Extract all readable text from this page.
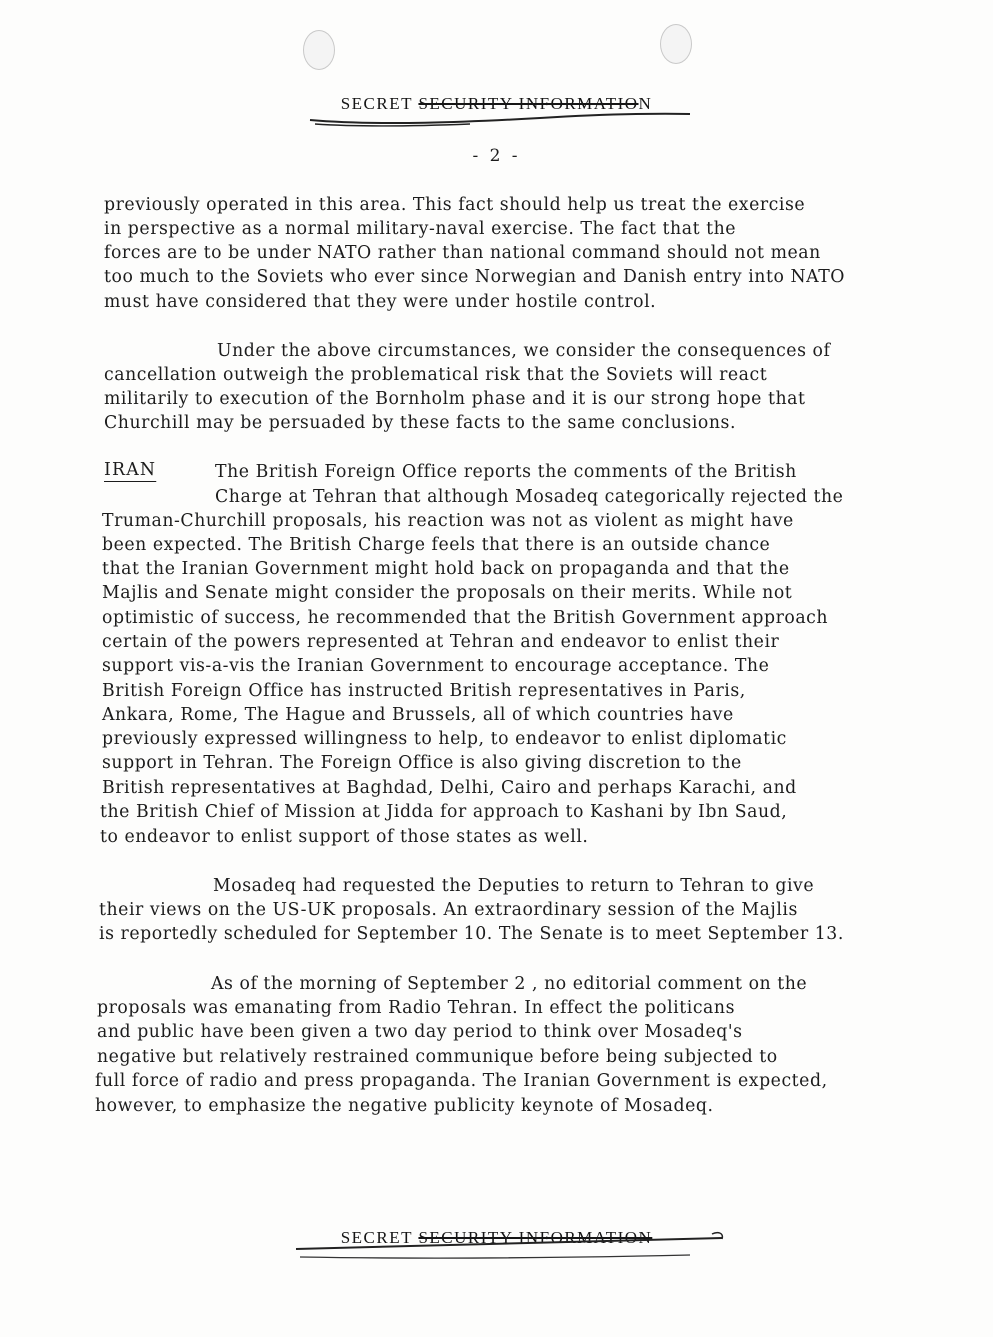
SECRET SECURITY INFORMATION
- 2 -
previously operated in this area. This fact should help us treat the exercise
in perspective as a normal military-naval exercise. The fact that the
forces are to be under NATO rather than national command should not mean
too much to the Soviets who ever since Norwegian and Danish entry into NATO
must have considered that they were under hostile control.
Under the above circumstances, we consider the consequences of
cancellation outweigh the problematical risk that the Soviets will react
militarily to execution of the Bornholm phase and it is our strong hope that
Churchill may be persuaded by these facts to the same conclusions.
IRAN	The British Foreign Office reports the comments of the British
Charge at Tehran that although Mosadeq categorically rejected the
Truman-Churchill proposals, his reaction was not as violent as might have
been expected. The British Charge feels that there is an outside chance
that the Iranian Government might hold back on propaganda and that the
Majlis and Senate might consider the proposals on their merits. While not
optimistic of success, he recommended that the British Government approach
certain of the powers represented at Tehran and endeavor to enlist their
support vis-a-vis the Iranian Government to encourage acceptance. The
British Foreign Office has instructed British representatives in Paris,
Ankara, Rome, The Hague and Brussels, all of which countries have
previously expressed willingness to help, to endeavor to enlist diplomatic
support in Tehran. The Foreign Office is also giving discretion to the
British representatives at Baghdad, Delhi, Cairo and perhaps Karachi, and
the British Chief of Mission at Jidda for approach to Kashani by Ibn Saud,
to endeavor to enlist support of those states as well.
Mosadeq had requested the Deputies to return to Tehran to give
their views on the US-UK proposals. An extraordinary session of the Majlis
is reportedly scheduled for September 10. The Senate is to meet September 13.
As of the morning of September 2 , no editorial comment on the
proposals was emanating from Radio Tehran. In effect the politicans
and public have been given a two day period to think over Mosadeq's
negative but relatively restrained communique before being subjected to
full force of radio and press propaganda. The Iranian Government is expected,
however, to emphasize the negative publicity keynote of Mosadeq.
SECRET SECURITY INFORMATION
